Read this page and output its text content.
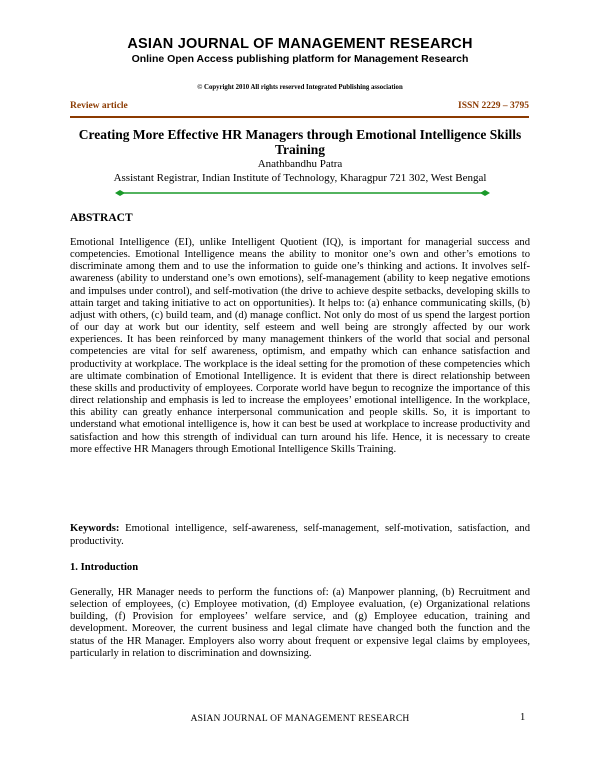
ASIAN JOURNAL OF MANAGEMENT RESEARCH
Online Open Access publishing platform for Management Research
© Copyright 2010 All rights reserved Integrated Publishing association
Review article	ISSN 2229 – 3795
Creating More Effective HR Managers through Emotional Intelligence Skills Training
Anathbandhu Patra
Assistant Registrar, Indian Institute of Technology, Kharagpur 721 302, West Bengal
ABSTRACT

Emotional Intelligence (EI), unlike Intelligent Quotient (IQ), is important for managerial success and competencies. Emotional Intelligence means the ability to monitor one’s own and other’s emotions to discriminate among them and to use the information to guide one’s thinking and actions. It involves self-awareness (ability to understand one’s own emotions), self-management (ability to keep negative emotions and impulses under control), and self-motivation (the drive to achieve despite setbacks, developing skills to attain target and taking initiative to act on opportunities). It helps to: (a) enhance communicating skills, (b) adjust with others, (c) build team, and (d) manage conflict. Not only do most of us spend the largest portion of our day at work but our identity, self esteem and well being are strongly affected by our work experiences. It has been reinforced by many management thinkers of the world that social and personal competencies are vital for self awareness, optimism, and empathy which can enhance satisfaction and productivity at workplace. The workplace is the ideal setting for the promotion of these competencies which are ultimate combination of Emotional Intelligence. It is evident that there is direct relationship between these skills and productivity of employees. Corporate world have begun to recognize the importance of this direct relationship and emphasis is led to increase the employees’ emotional intelligence. In the workplace, this ability can greatly enhance interpersonal communication and people skills. So, it is important to understand what emotional intelligence is, how it can best be used at workplace to increase productivity and satisfaction and how this strength of individual can turn around his life. Hence, it is necessary to create more effective HR Managers through Emotional Intelligence Skills Training.

Keywords: Emotional intelligence, self-awareness, self-management, self-motivation, satisfaction, and productivity.

1. Introduction

Generally, HR Manager needs to perform the functions of: (a) Manpower planning, (b) Recruitment and selection of employees, (c) Employee motivation, (d) Employee evaluation, (e) Organizational relations building, (f) Provision for employees’ welfare service, and (g) Employee education, training and development. Moreover, the current business and legal climate have changed both the function and the status of the HR Manager. Employers also worry about frequent or expensive legal claims by employees, particularly in relation to discrimination and downsizing.

ASIAN JOURNAL OF MANAGEMENT RESEARCH	1
